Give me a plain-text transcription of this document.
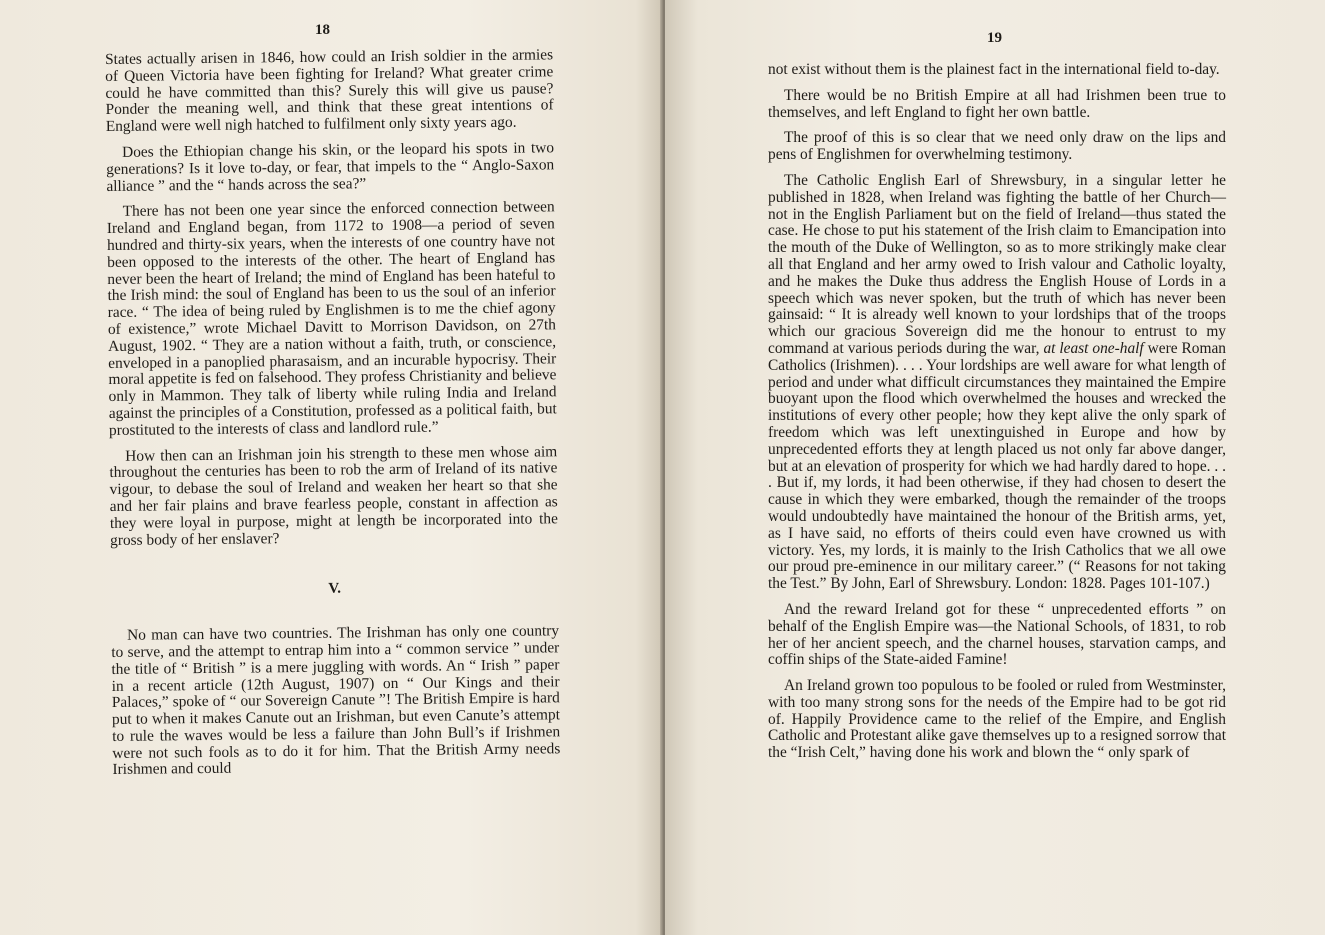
18

States actually arisen in 1846, how could an Irish soldier in the armies of Queen Victoria have been fighting for Ireland? What greater crime could he have committed than this? Surely this will give us pause? Ponder the meaning well, and think that these great intentions of England were well nigh hatched to fulfilment only sixty years ago.

Does the Ethiopian change his skin, or the leopard his spots in two generations? Is it love to-day, or fear, that impels to the “ Anglo-Saxon alliance ” and the “ hands across the sea?”

There has not been one year since the enforced connection between Ireland and England began, from 1172 to 1908—a period of seven hundred and thirty-six years, when the interests of one country have not been opposed to the interests of the other. The heart of England has never been the heart of Ireland; the mind of England has been hateful to the Irish mind: the soul of England has been to us the soul of an inferior race. “ The idea of being ruled by Englishmen is to me the chief agony of existence,” wrote Michael Davitt to Morrison Davidson, on 27th August, 1902. “ They are a nation without a faith, truth, or conscience, enveloped in a panoplied pharasaism, and an incurable hypocrisy. Their moral appetite is fed on falsehood. They profess Christianity and believe only in Mammon. They talk of liberty while ruling India and Ireland against the principles of a Constitution, professed as a political faith, but prostituted to the interests of class and landlord rule.”

How then can an Irishman join his strength to these men whose aim throughout the centuries has been to rob the arm of Ireland of its native vigour, to debase the soul of Ireland and weaken her heart so that she and her fair plains and brave fearless people, constant in affection as they were loyal in purpose, might at length be incorporated into the gross body of her enslaver?

V.

No man can have two countries. The Irishman has only one country to serve, and the attempt to entrap him into a “ common service ” under the title of “ British ” is a mere juggling with words. An “ Irish ” paper in a recent article (12th August, 1907) on “ Our Kings and their Palaces,” spoke of “ our Sovereign Canute ”! The British Empire is hard put to when it makes Canute out an Irishman, but even Canute’s attempt to rule the waves would be less a failure than John Bull’s if Irishmen were not such fools as to do it for him. That the British Army needs Irishmen and could

19

not exist without them is the plainest fact in the international field to-day.

There would be no British Empire at all had Irishmen been true to themselves, and left England to fight her own battle.

The proof of this is so clear that we need only draw on the lips and pens of Englishmen for overwhelming testimony.

The Catholic English Earl of Shrewsbury, in a singular letter he published in 1828, when Ireland was fighting the battle of her Church—not in the English Parliament but on the field of Ireland—thus stated the case. He chose to put his statement of the Irish claim to Emancipation into the mouth of the Duke of Wellington, so as to more strikingly make clear all that England and her army owed to Irish valour and Catholic loyalty, and he makes the Duke thus address the English House of Lords in a speech which was never spoken, but the truth of which has never been gainsaid: “ It is already well known to your lordships that of the troops which our gracious Sovereign did me the honour to entrust to my command at various periods during the war, at least one-half were Roman Catholics (Irishmen). . . . Your lordships are well aware for what length of period and under what difficult circumstances they maintained the Empire buoyant upon the flood which overwhelmed the houses and wrecked the institutions of every other people; how they kept alive the only spark of freedom which was left unextinguished in Europe and how by unprecedented efforts they at length placed us not only far above danger, but at an elevation of prosperity for which we had hardly dared to hope. . . . But if, my lords, it had been otherwise, if they had chosen to desert the cause in which they were embarked, though the remainder of the troops would undoubtedly have maintained the honour of the British arms, yet, as I have said, no efforts of theirs could even have crowned us with victory. Yes, my lords, it is mainly to the Irish Catholics that we all owe our proud pre-eminence in our military career.” (“ Reasons for not taking the Test.” By John, Earl of Shrewsbury. London: 1828. Pages 101-107.)

And the reward Ireland got for these “ unprecedented efforts ” on behalf of the English Empire was—the National Schools, of 1831, to rob her of her ancient speech, and the charnel houses, starvation camps, and coffin ships of the State-aided Famine!

An Ireland grown too populous to be fooled or ruled from Westminster, with too many strong sons for the needs of the Empire had to be got rid of. Happily Providence came to the relief of the Empire, and English Catholic and Protestant alike gave themselves up to a resigned sorrow that the “Irish Celt,” having done his work and blown the “ only spark of
